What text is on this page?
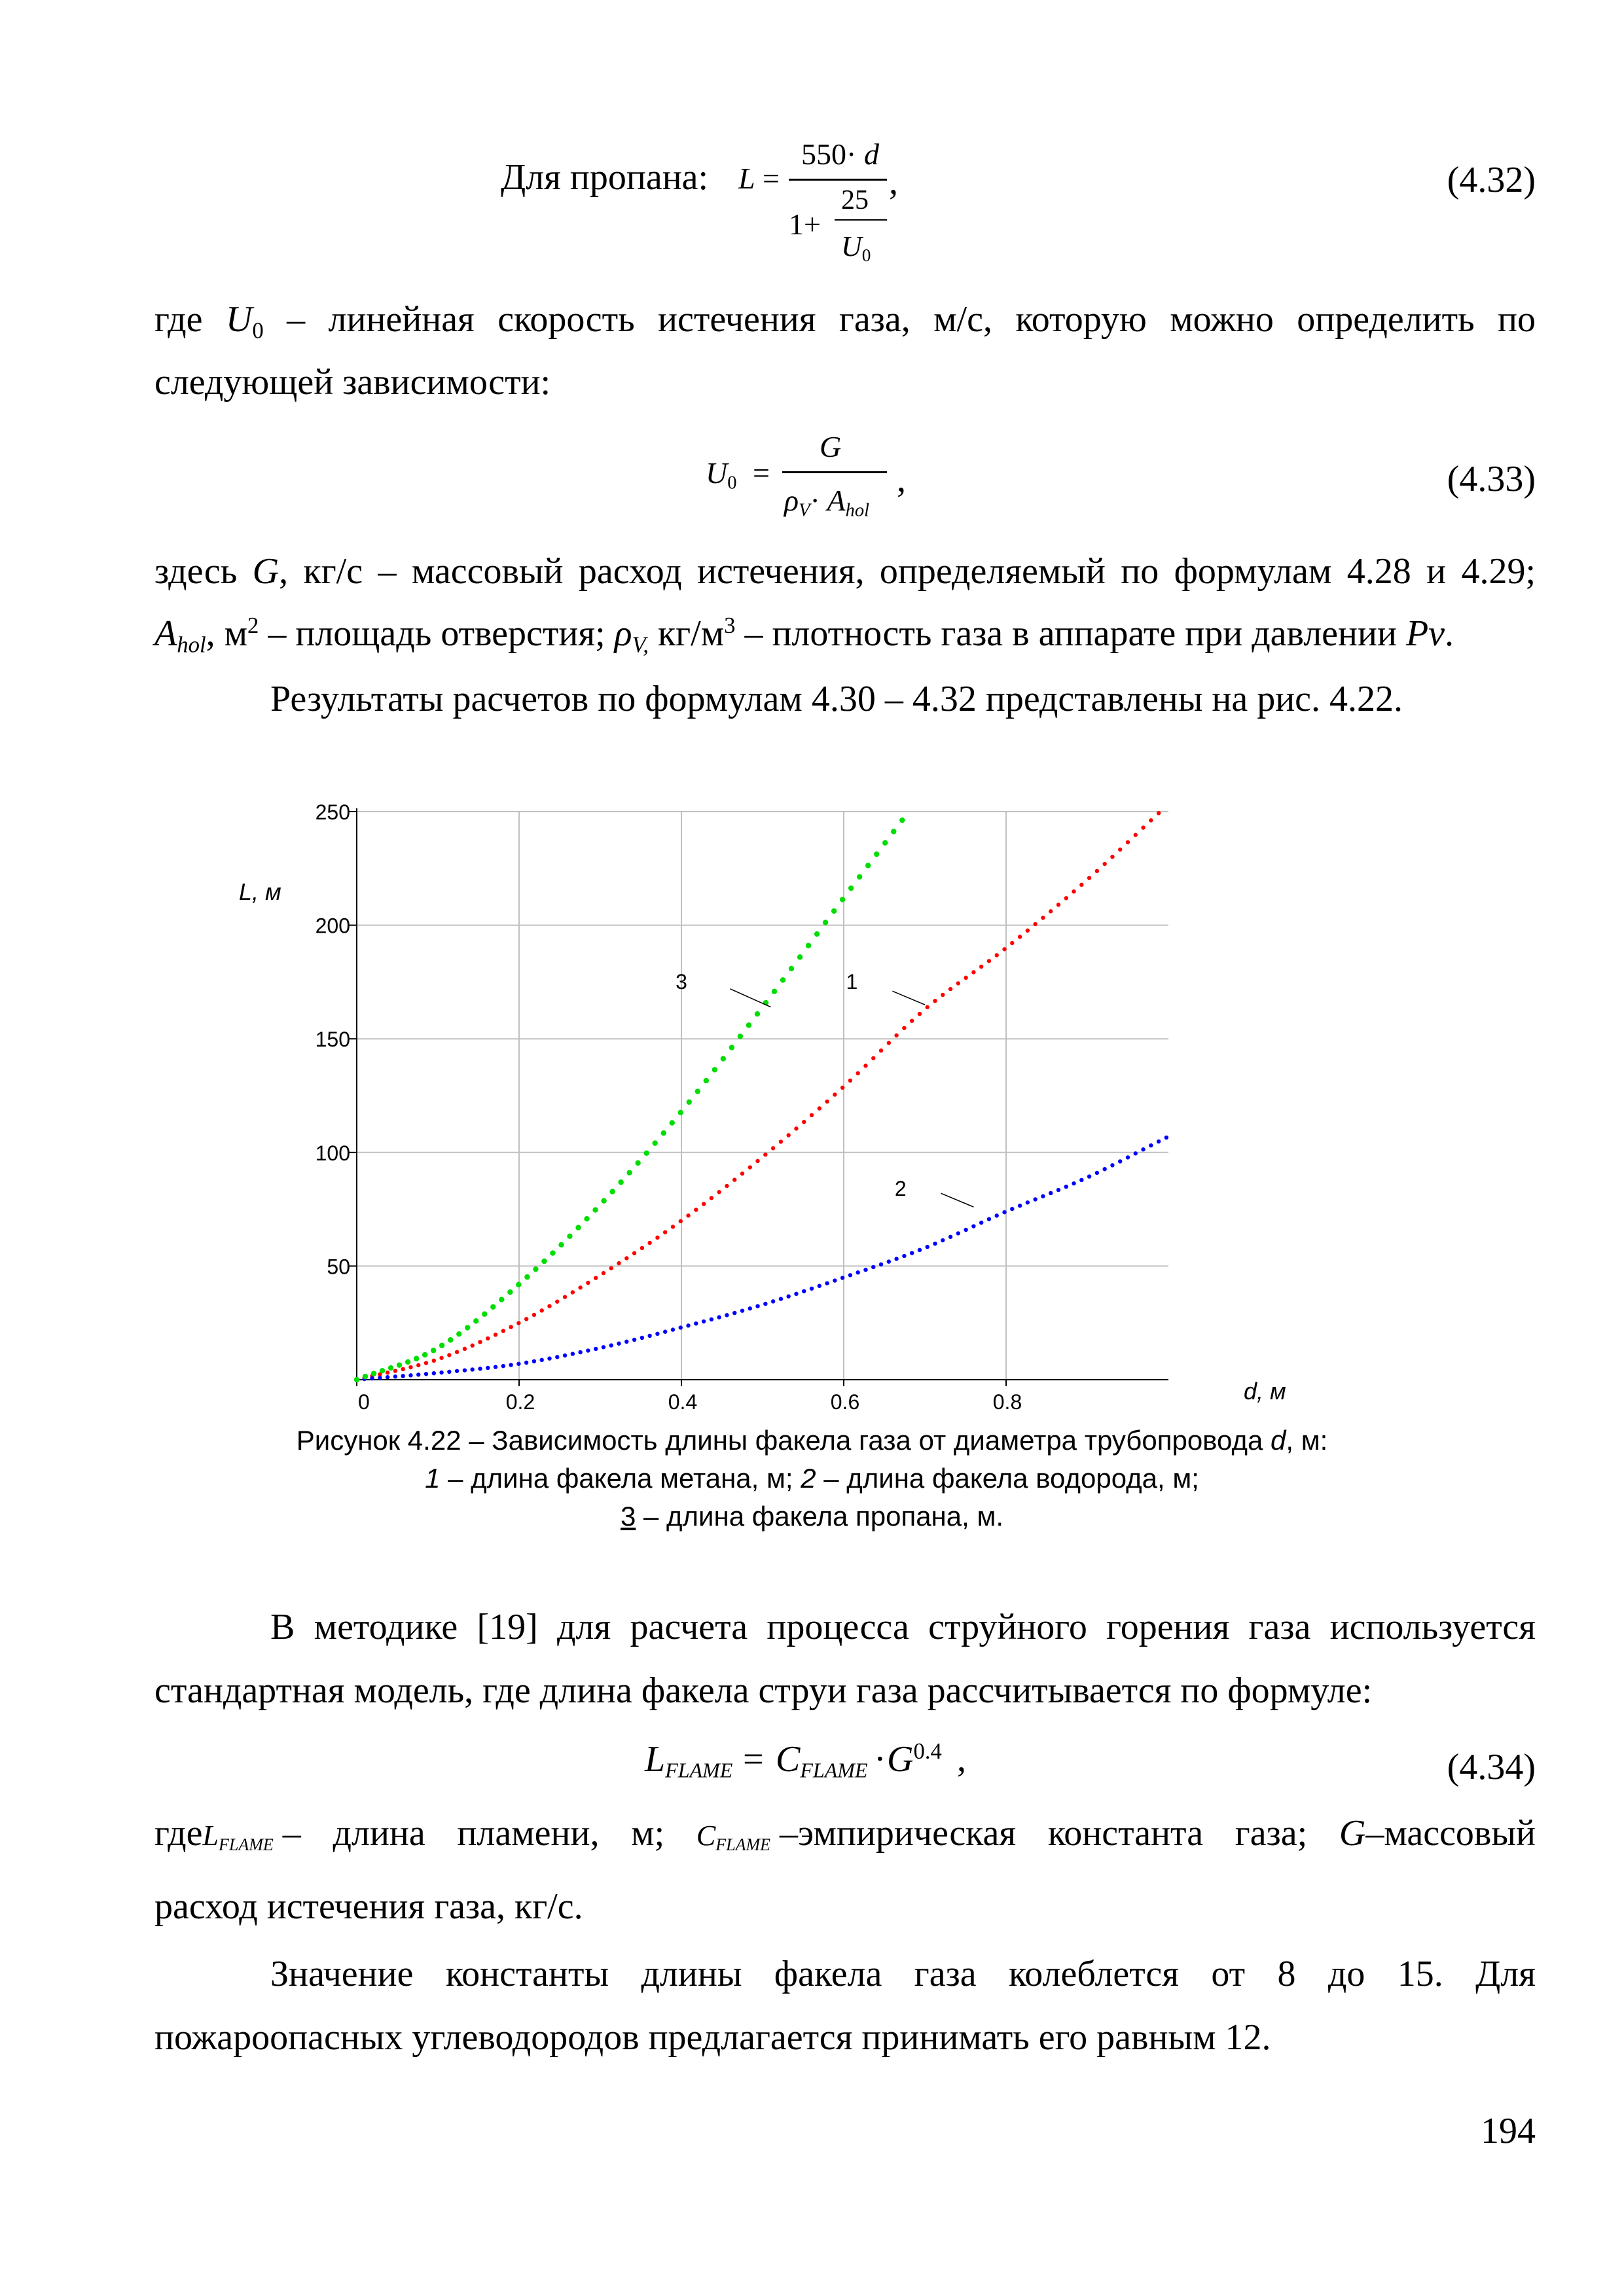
Для пропана: L =
550· d
1+
25
$U_0$
,	(4.32)
где $U_0$ – линейная скорость истечения газа, м/с, которую можно определить по
следующей зависимости:
$U_0$ =
G
$\rho_V\cdot A_{hol}$
,	(4.33)
здесь G, кг/с – массовый расход истечения, определяемый по формулам 4.28 и 4.29;
$A_{hol}$, $м^2$ – площадь отверстия; $\rho_{V,}$ $кг/м^3$ – плотность газа в аппарате при давлении Pv.
Результаты расчетов по формулам 4.30 – 4.32 представлены на рис. 4.22.
0	0.2	0.4	0.6	0.8
50
100
150
200
250
3	1
2
L, м
d, м
Рисунок 4.22 – Зависимость длины факела газа от диаметра трубопровода d, м:
1 – длина факела метана, м; 2 – длина факела водорода, м;
3 – длина факела пропана, м.
В методике [19] для расчета процесса струйного горения газа используется
стандартная модель, где длина факела струи газа рассчитывается по формуле:
$L_{FLAME} = C_{FLAME} \cdot G^{0.4}$ ,	(4.34)
гдеL$_{FLAME}$ – длина пламени, м; $C_{FLAME}$ –эмпирическая константа газа; G–массовый
расход истечения газа, кг/с.
Значение константы длины факела газа колеблется от 8 до 15. Для
пожароопасных углеводородов предлагается принимать его равным 12.
194
